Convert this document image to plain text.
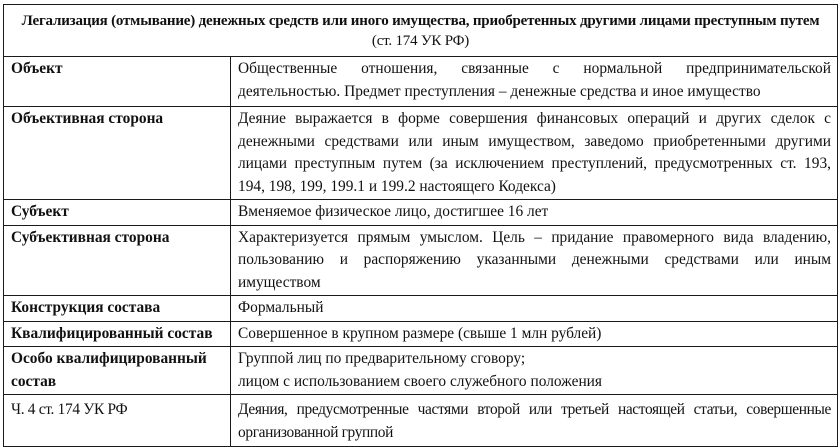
Легализация (отмывание) денежных средств или иного имущества, приобретенных другими лицами преступным путем (ст. 174 УК РФ)	
Объект	Общественные отношения, связанные с нормальной предпринимательской деятельностью. Предмет преступления – денежные средства и иное имущество

Объективная сторона	Деяние выражается в форме совершения финансовых операций и других сделок с денежными средствами или иным имуществом, заведомо приобретенными другими лицами преступным путем (за исключением преступлений, предусмотренных ст. 193, 194, 198, 199, 199.1 и 199.2 настоящего Кодекса)

Субъект	Вменяемое физическое лицо, достигшее 16 лет

Субъективная сторона	Характеризуется прямым умыслом. Цель – придание правомерного вида владению, пользованию и распоряжению указанными денежными средствами или иным имуществом

Конструкция состава	Формальный

Квалифицированный состав	Совершенное в крупном размере (свыше 1 млн рублей)

Особо квалифицированный состав	Группой лиц по предварительному сговору;
лицом с использованием своего служебного положения

Ч. 4 ст. 174 УК РФ	Деяния, предусмотренные частями второй или третьей настоящей статьи, совершенные организованной группой
